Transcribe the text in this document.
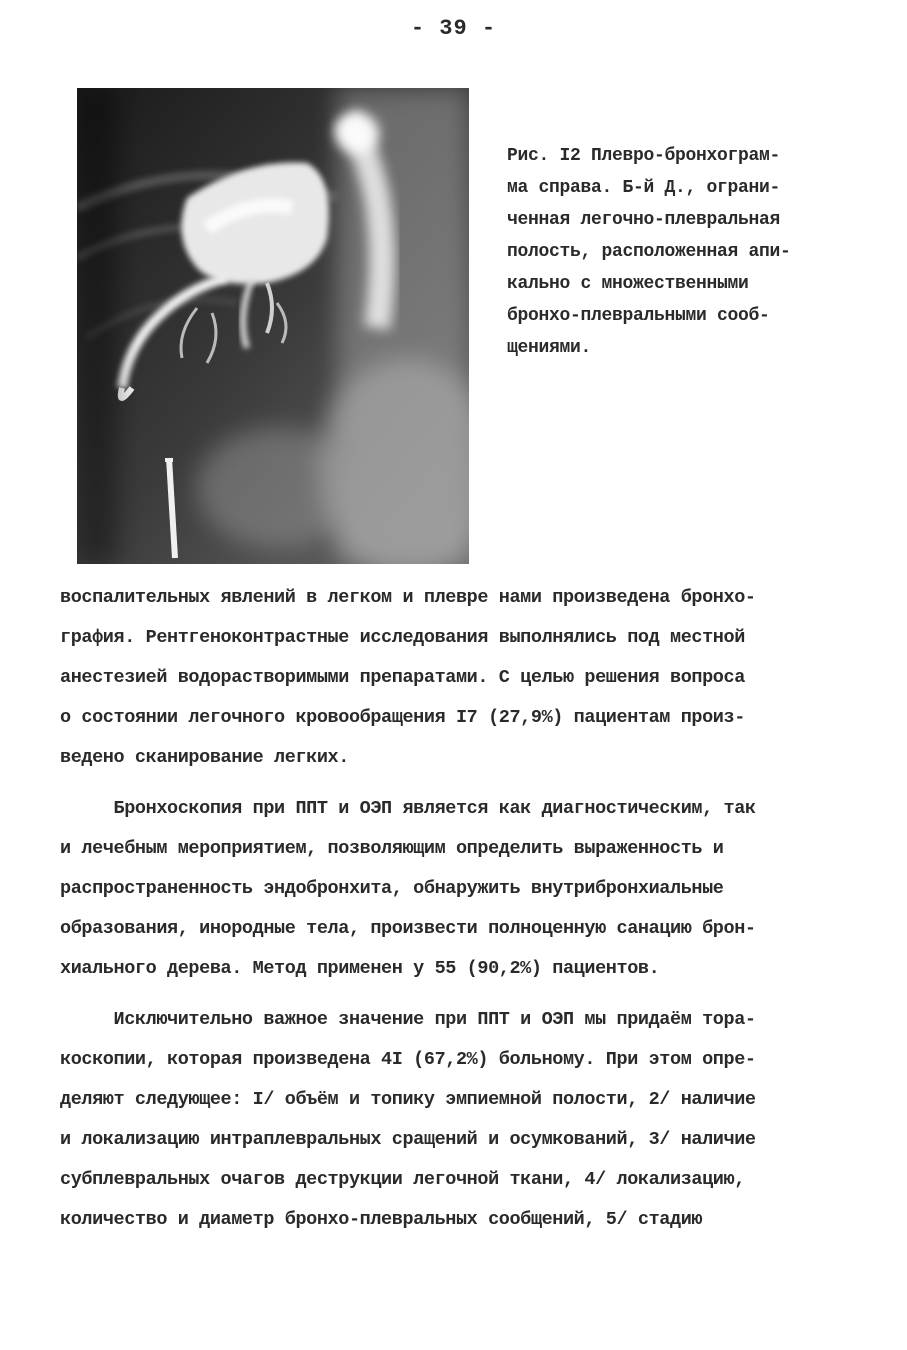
- 39 -
Рис. I2 Плевро-бронхограм-
ма справа. Б-й Д., ограни-
ченная легочно-плевральная
полость, расположенная апи-
кально с множественными
бронхо-плевральными сооб-
щениями.

воспалительных явлений в легком и плевре нами произведена бронхо-
графия. Рентгеноконтрастные исследования выполнялись под местной
анестезией водорастворимыми препаратами. С целью решения вопроса
о состоянии легочного кровообращения I7 (27,9%) пациентам произ-
ведено сканирование легких.

Бронхоскопия при ППТ и ОЭП является как диагностическим, так
и лечебным мероприятием, позволяющим определить выраженность и
распространенность эндобронхита, обнаружить внутрибронхиальные
образования, инородные тела, произвести полноценную санацию брон-
хиального дерева. Метод применен у 55 (90,2%) пациентов.

Исключительно важное значение при ППТ и ОЭП мы придаём тора-
коскопии, которая произведена 4I (67,2%) больному. При этом опре-
деляют следующее: I/ объём и топику эмпиемной полости, 2/ наличие
и локализацию интраплевральных сращений и осумкований, 3/ наличие
субплевральных очагов деструкции легочной ткани, 4/ локализацию,
количество и диаметр бронхо-плевральных сообщений, 5/ стадию
